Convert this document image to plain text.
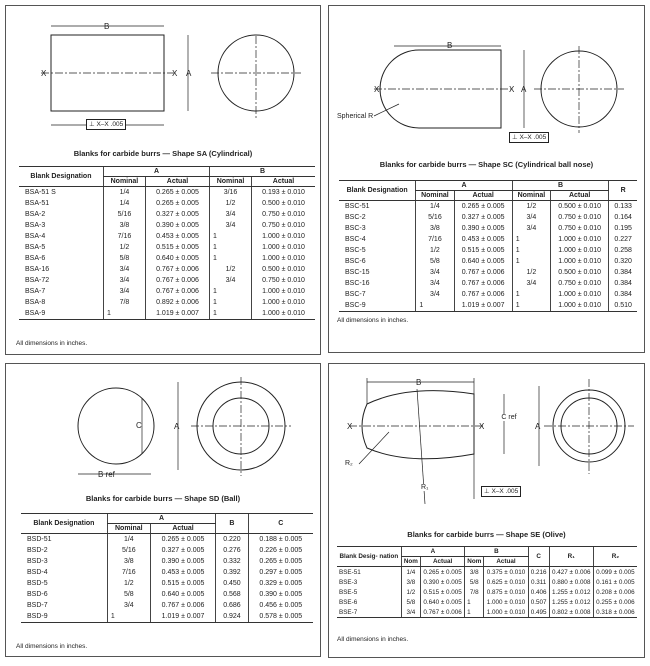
B
X	X A
⊥ X–X .005
Blanks for carbide burrs — Shape SA (Cylindrical)
Blank Designation	A		B	
	Nominal	Actual	Nominal	Actual
BSA-51 S	1/4	0.265 ± 0.005	3/16	0.193 ± 0.010
BSA-51	1/4	0.265 ± 0.005	1/2	0.500 ± 0.010
BSA-2	5/16	0.327 ± 0.005	3/4	0.750 ± 0.010
BSA-3	3/8	0.390 ± 0.005	3/4	0.750 ± 0.010
BSA-4	7/16	0.453 ± 0.005	1	1.000 ± 0.010
BSA-5	1/2	0.515 ± 0.005	1	1.000 ± 0.010
BSA-6	5/8	0.640 ± 0.005	1	1.000 ± 0.010
BSA-16	3/4	0.767 ± 0.006	1/2	0.500 ± 0.010
BSA-72	3/4	0.767 ± 0.006	3/4	0.750 ± 0.010
BSA-7	3/4	0.767 ± 0.006	1	1.000 ± 0.010
BSA-8	7/8	0.892 ± 0.006	1	1.000 ± 0.010
BSA-9	1	1.019 ± 0.007	1	1.000 ± 0.010
All dimensions in inches.
B
X	X A
Spherical R
⊥ X–X .005
Blanks for carbide burrs — Shape SC (Cylindrical ball nose)
Blank Designation	A		B		R
	Nominal	Actual	Nominal	Actual	
BSC-51	1/4	0.265 ± 0.005	1/2	0.500 ± 0.010	0.133
BSC-2	5/16	0.327 ± 0.005	3/4	0.750 ± 0.010	0.164
BSC-3	3/8	0.390 ± 0.005	3/4	0.750 ± 0.010	0.195
BSC-4	7/16	0.453 ± 0.005	1	1.000 ± 0.010	0.227
BSC-5	1/2	0.515 ± 0.005	1	1.000 ± 0.010	0.258
BSC-6	5/8	0.640 ± 0.005	1	1.000 ± 0.010	0.320
BSC-15	3/4	0.767 ± 0.006	1/2	0.500 ± 0.010	0.384
BSC-16	3/4	0.767 ± 0.006	3/4	0.750 ± 0.010	0.384
BSC-7	3/4	0.767 ± 0.006	1	1.000 ± 0.010	0.384
BSC-9	1	1.019 ± 0.007	1	1.000 ± 0.010	0.510
All dimensions in inches.
C
B ref
A
Blanks for carbide burrs — Shape SD (Ball)
Blank Designation	A		B	C
	Nominal	Actual		
BSD-51	1/4	0.265 ± 0.005	0.220	0.188 ± 0.005
BSD-2	5/16	0.327 ± 0.005	0.276	0.226 ± 0.005
BSD-3	3/8	0.390 ± 0.005	0.332	0.265 ± 0.005
BSD-4	7/16	0.453 ± 0.005	0.392	0.297 ± 0.005
BSD-5	1/2	0.515 ± 0.005	0.450	0.329 ± 0.005
BSD-6	5/8	0.640 ± 0.005	0.568	0.390 ± 0.005
BSD-7	3/4	0.767 ± 0.006	0.686	0.456 ± 0.005
BSD-9	1	1.019 ± 0.007	0.924	0.578 ± 0.005
All dimensions in inches.
B
X	X	A
C ref
R₂
R₁
⊥ X–X .005
Blanks for carbide burrs — Shape SE (Olive)
Blank Desig- nation	A		B		C	R₁	R₂
	Nom	Actual	Nom	Actual			
BSE-51	1/4	0.265 ± 0.005	3/8	0.375 ± 0.010	0.216	0.427 ± 0.006	0.099 ± 0.005
BSE-3	3/8	0.390 ± 0.005	5/8	0.625 ± 0.010	0.311	0.880 ± 0.008	0.161 ± 0.005
BSE-5	1/2	0.515 ± 0.005	7/8	0.875 ± 0.010	0.406	1.255 ± 0.012	0.208 ± 0.006
BSE-6	5/8	0.640 ± 0.005	1	1.000 ± 0.010	0.507	1.255 ± 0.012	0.255 ± 0.006
BSE-7	3/4	0.767 ± 0.006	1	1.000 ± 0.010	0.495	0.802 ± 0.008	0.318 ± 0.006
All dimensions in inches.
